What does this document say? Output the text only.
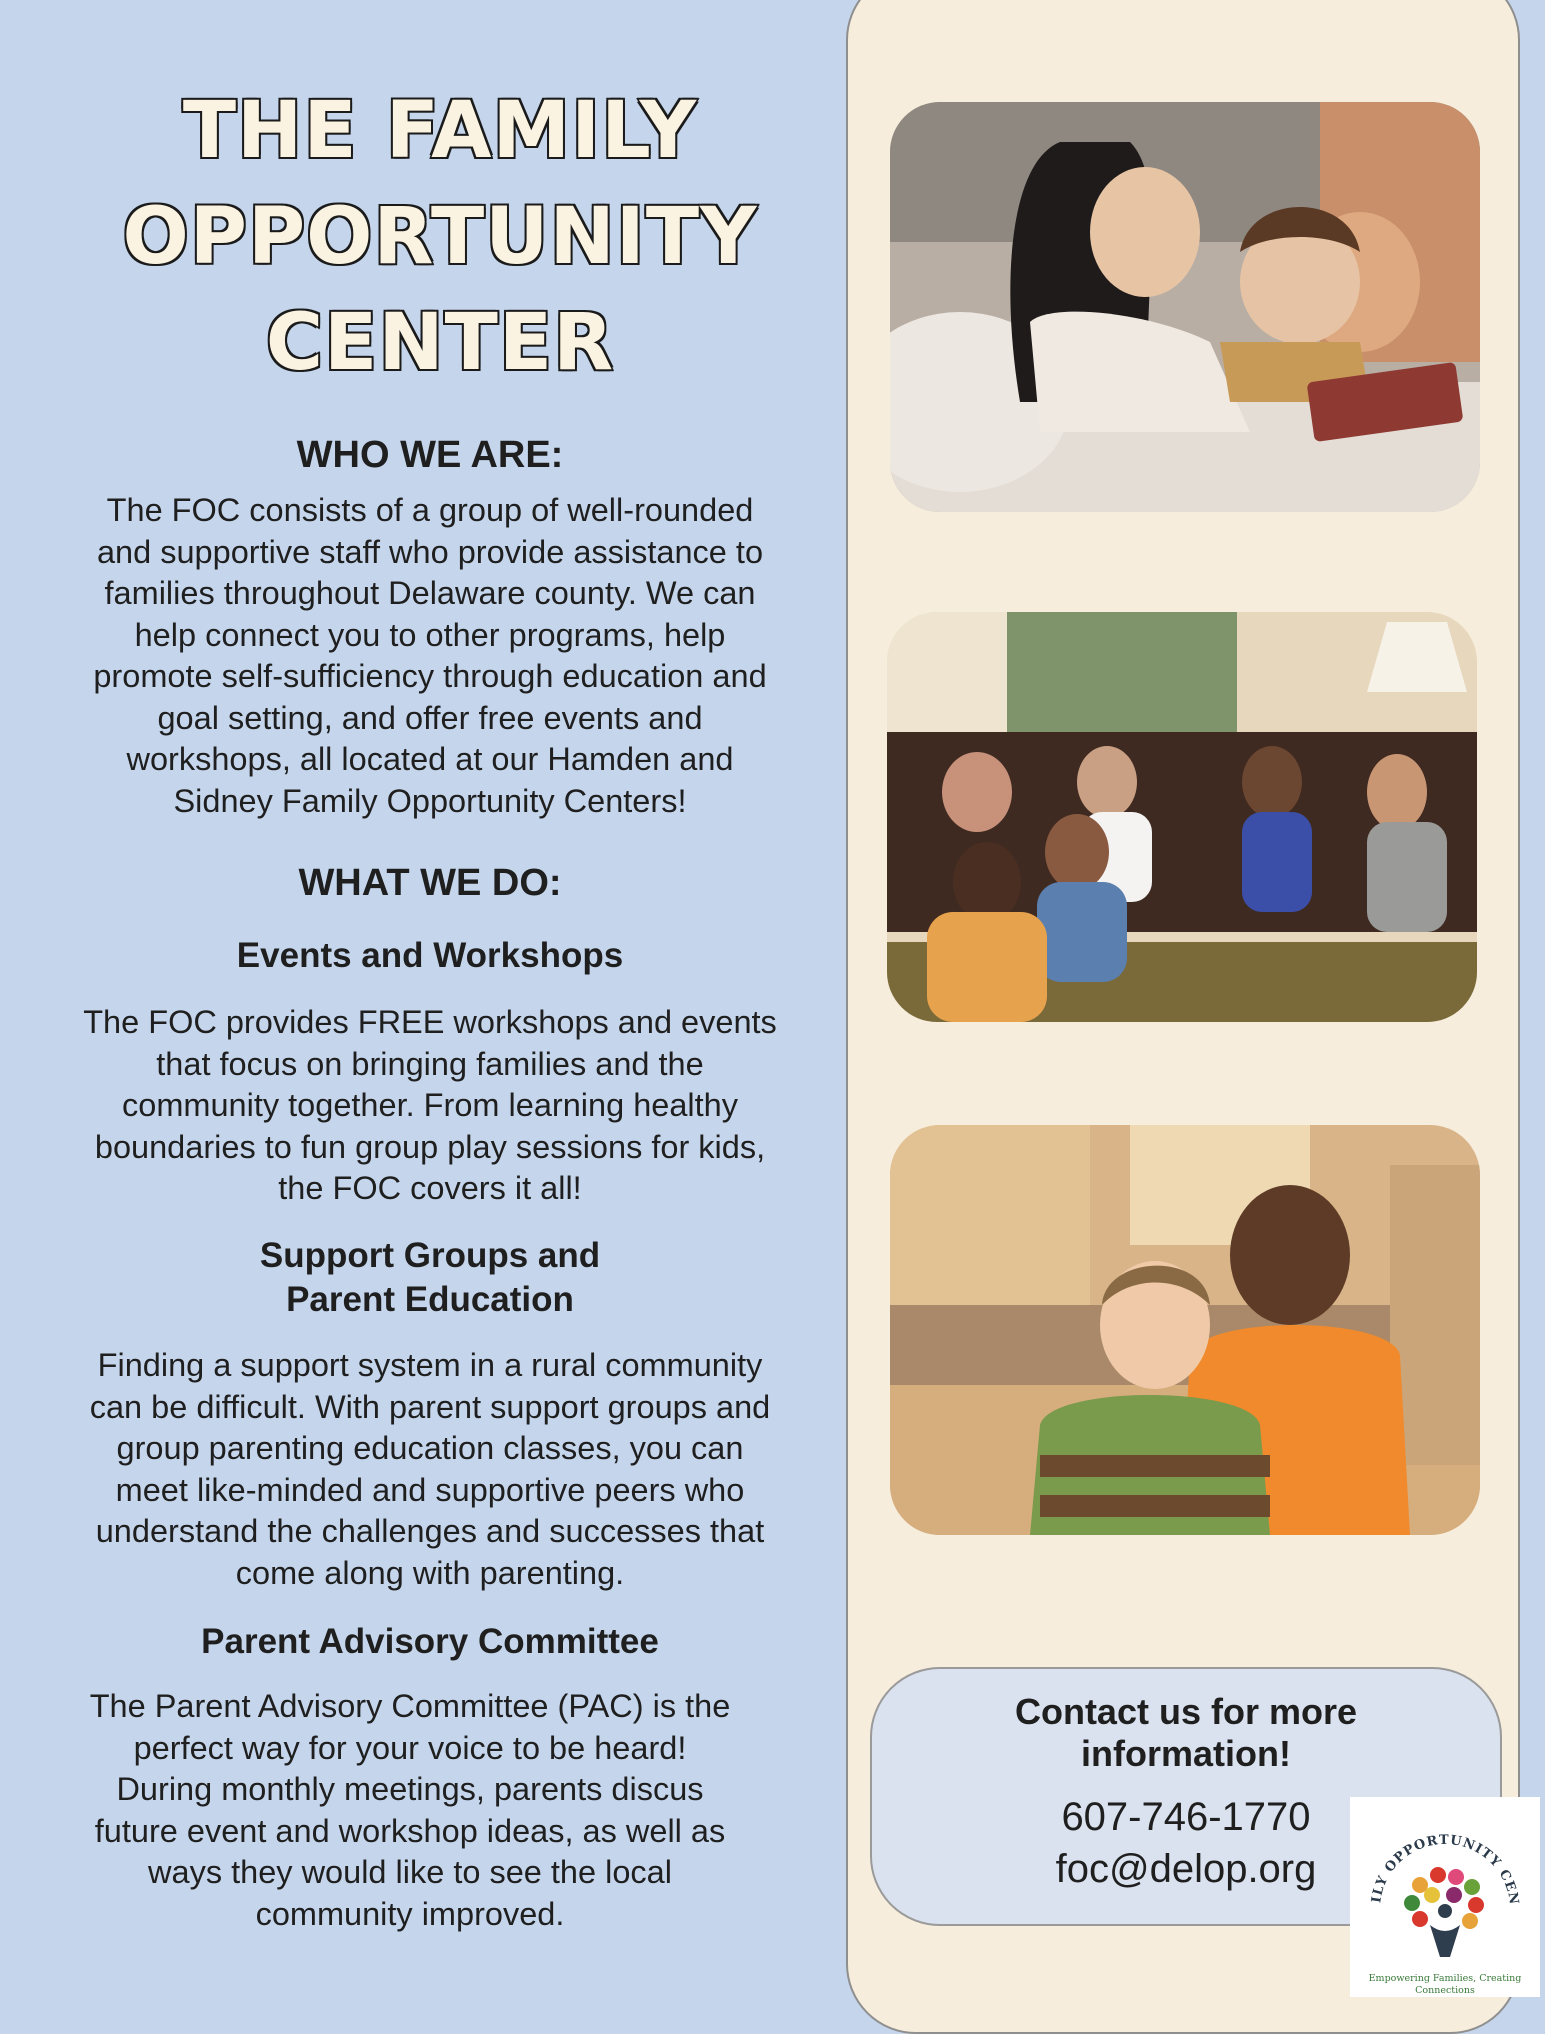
THE FAMILY
OPPORTUNITY
CENTER
WHO WE ARE:
The FOC consists of a group of well-rounded
and supportive staff who provide assistance to
families throughout Delaware county. We can
help connect you to other programs, help
promote self-sufficiency through education and
goal setting, and offer free events and
workshops, all located at our Hamden and
Sidney Family Opportunity Centers!
WHAT WE DO:
Events and Workshops
The FOC provides FREE workshops and events
that focus on bringing families and the
community together. From learning healthy
boundaries to fun group play sessions for kids,
the FOC covers it all!
Support Groups and
Parent Education
Finding a support system in a rural community
can be difficult. With parent support groups and
group parenting education classes, you can
meet like-minded and supportive peers who
understand the challenges and successes that
come along with parenting.
Parent Advisory Committee
The Parent Advisory Committee (PAC) is the
perfect way for your voice to be heard!
During monthly meetings, parents discus
future event and workshop ideas, as well as
ways they would like to see the local
community improved.
Contact us for more
information!
607-746-1770
foc@delop.org
ILY OPPORTUNITY CEN
Empowering Families, Creating
Connections
